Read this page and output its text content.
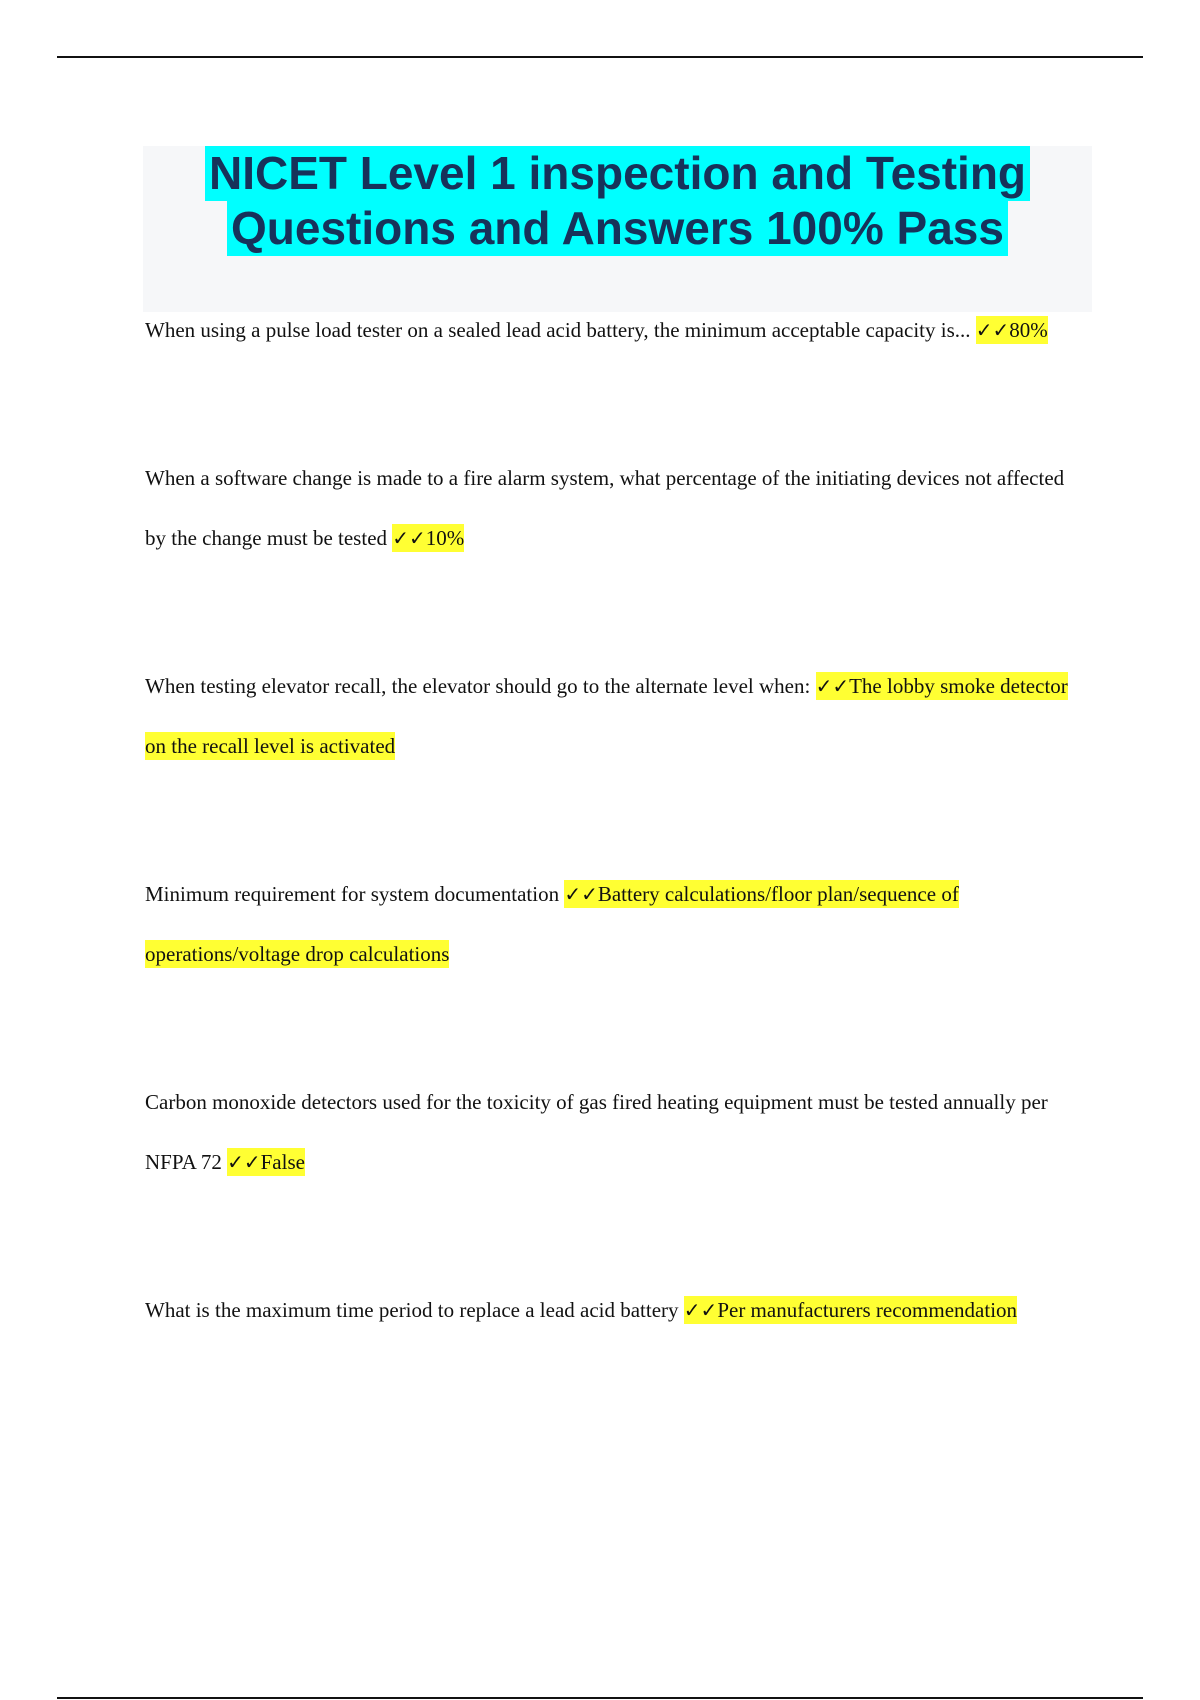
NICET Level 1 inspection and Testing
Questions and Answers 100% Pass

When using a pulse load tester on a sealed lead acid battery, the minimum acceptable capacity is... ✓✓80%

When a software change is made to a fire alarm system, what percentage of the initiating devices not affected by the change must be tested ✓✓10%

When testing elevator recall, the elevator should go to the alternate level when: ✓✓The lobby smoke detector on the recall level is activated

Minimum requirement for system documentation ✓✓Battery calculations/floor plan/sequence of operations/voltage drop calculations

Carbon monoxide detectors used for the toxicity of gas fired heating equipment must be tested annually per NFPA 72 ✓✓False

What is the maximum time period to replace a lead acid battery ✓✓Per manufacturers recommendation
